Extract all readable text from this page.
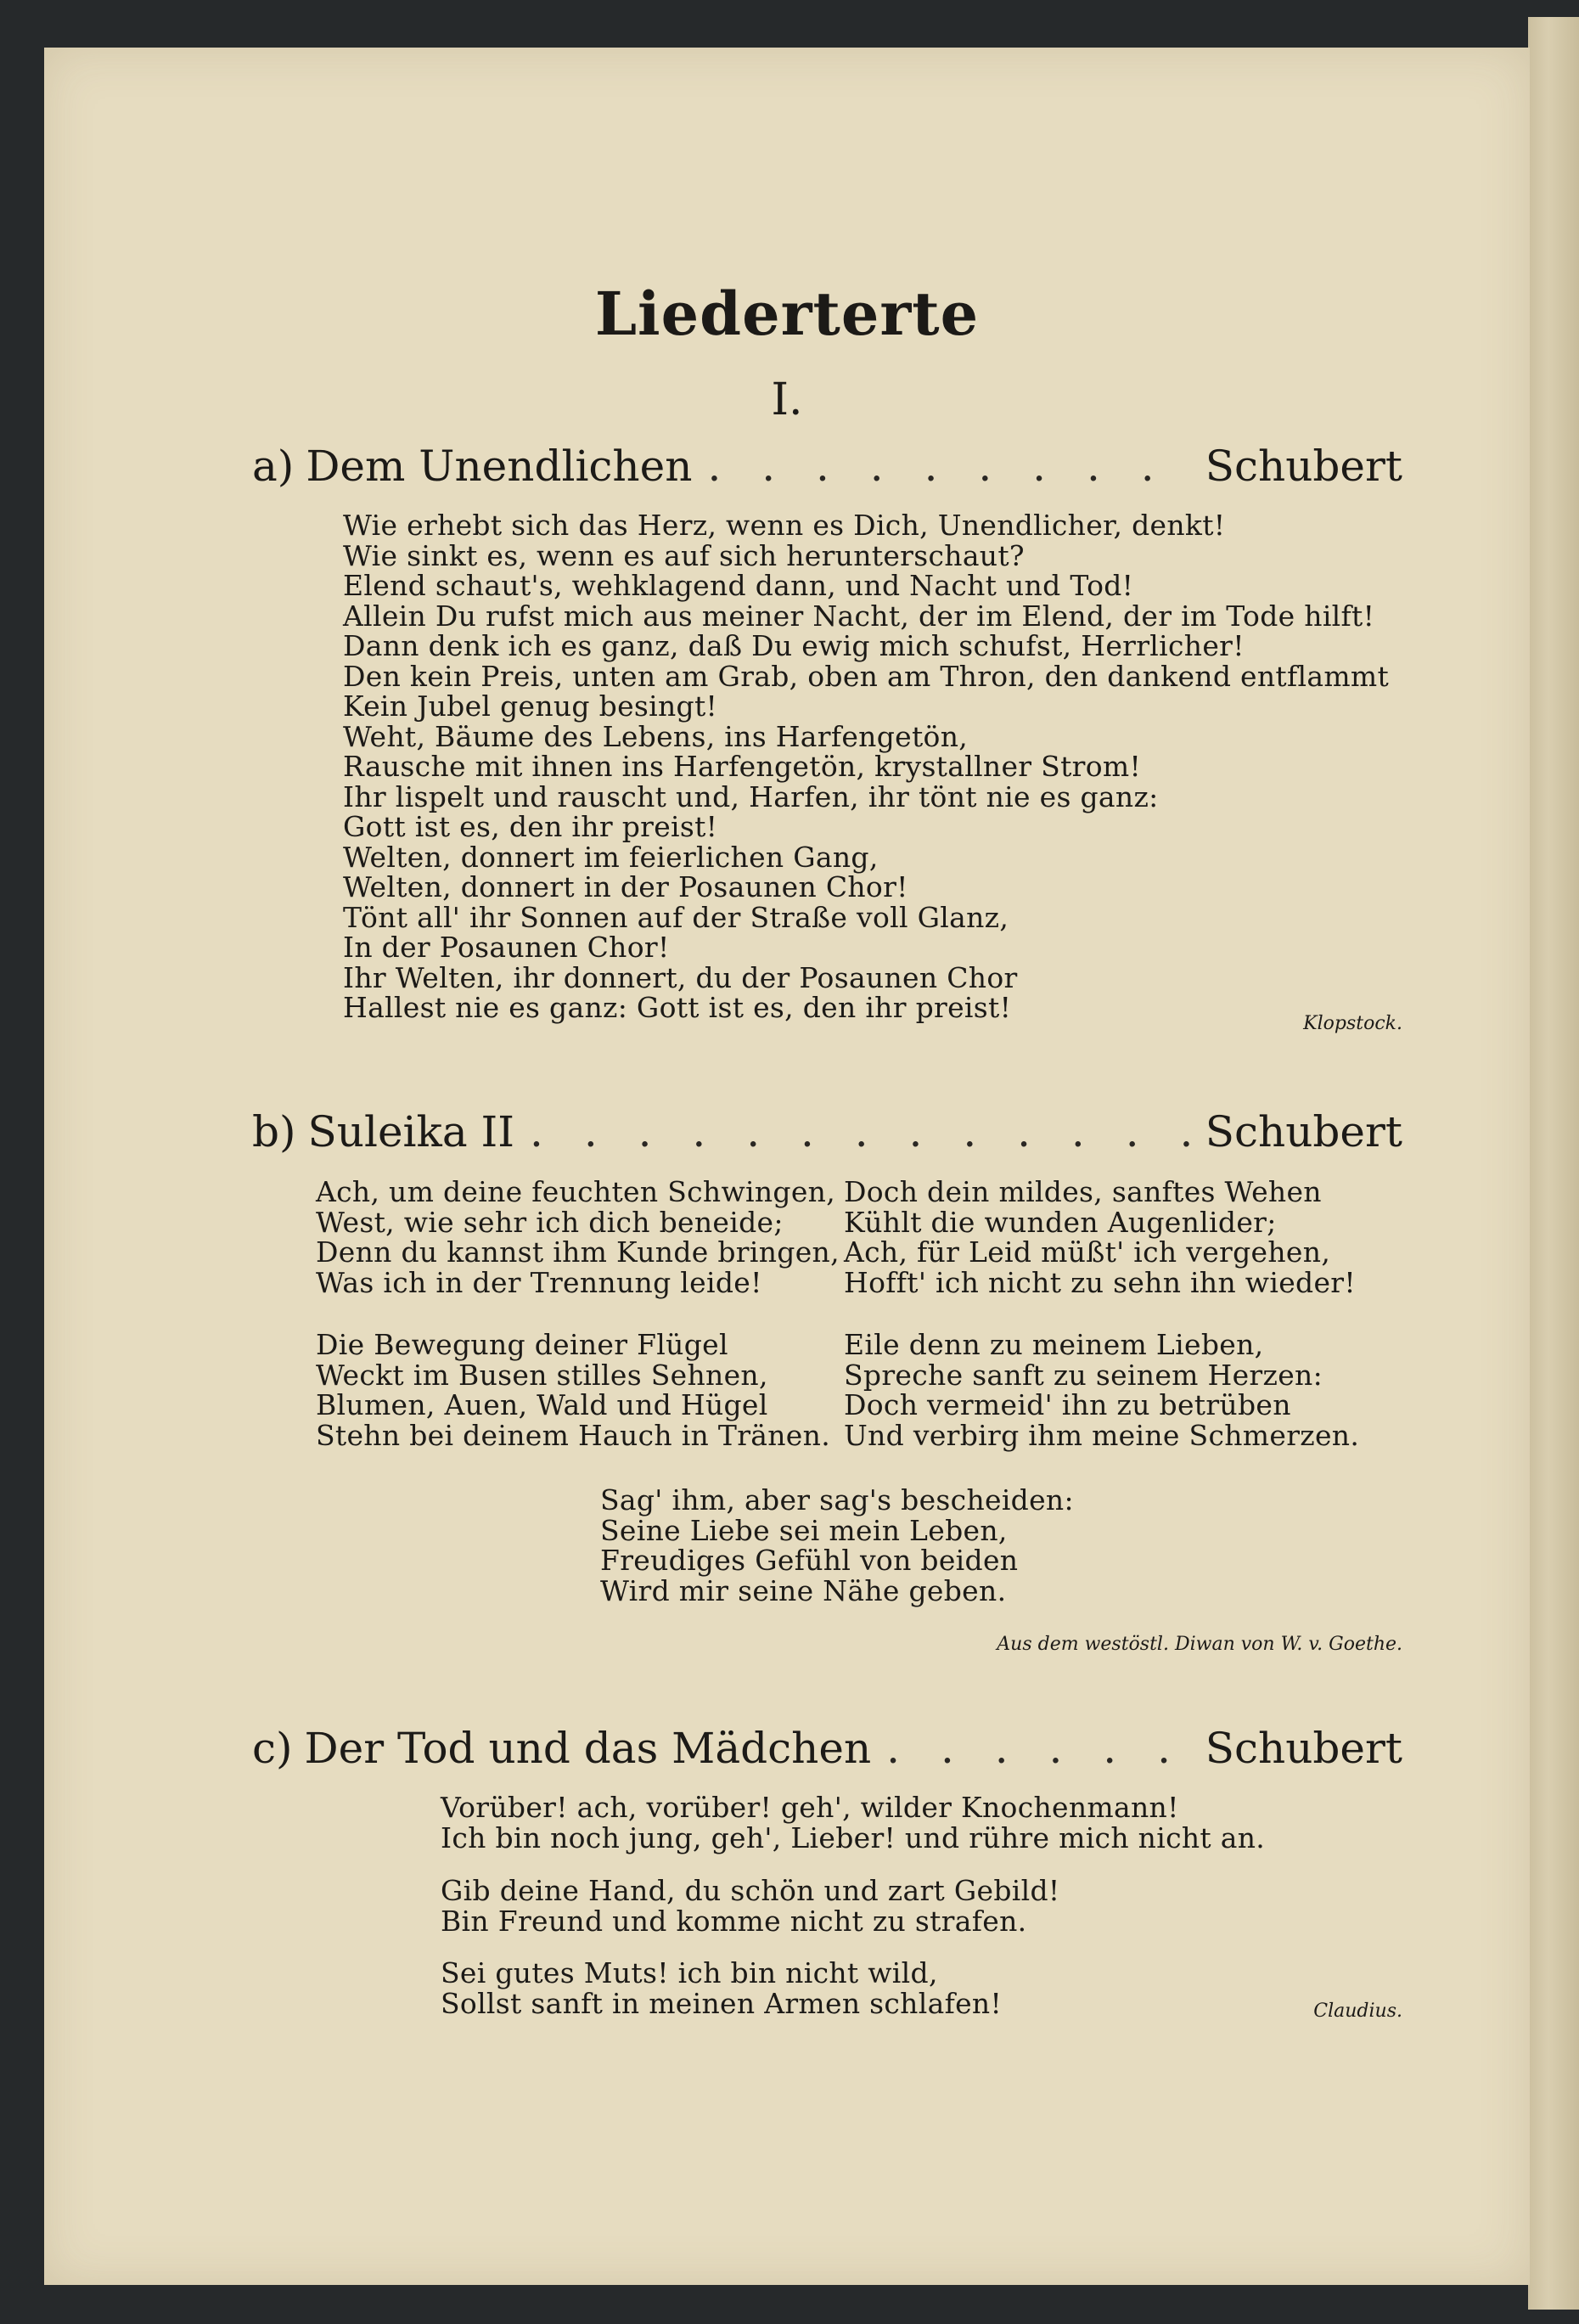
Liederterte
I.
a) Dem Unendlichen . . .	Schubert
Wie erhebt sich das Herz, wenn es Dich, Unendlicher, denkt!
Wie sinkt es, wenn es auf sich herunterschaut?
Elend schaut's, wehklagend dann, und Nacht und Tod!
Allein Du rufst mich aus meiner Nacht, der im Elend, der im Tode hilft!
Dann denk ich es ganz, daß Du ewig mich schufst, Herrlicher!
Den kein Preis, unten am Grab, oben am Thron, den dankend entflammt
Kein Jubel genug besingt!
Weht, Bäume des Lebens, ins Harfengetön,
Rausche mit ihnen ins Harfengetön, krystallner Strom!
Ihr lispelt und rauscht und, Harfen, ihr tönt nie es ganz:
Gott ist es, den ihr preist!
Welten, donnert im feierlichen Gang,
Welten, donnert in der Posaunen Chor!
Tönt all' ihr Sonnen auf der Straße voll Glanz,
In der Posaunen Chor!
Ihr Welten, ihr donnert, du der Posaunen Chor
Hallest nie es ganz: Gott ist es, den ihr preist!	Klopstock.
b) Suleika II . . .	Schubert
Ach, um deine feuchten Schwingen,
West, wie sehr ich dich beneide;
Denn du kannst ihm Kunde bringen,
Was ich in der Trennung leide!
Doch dein mildes, sanftes Wehen
Kühlt die wunden Augenlider;
Ach, für Leid müßt' ich vergehen,
Hofft' ich nicht zu sehn ihn wieder!
Die Bewegung deiner Flügel
Weckt im Busen stilles Sehnen,
Blumen, Auen, Wald und Hügel
Stehn bei deinem Hauch in Tränen.
Eile denn zu meinem Lieben,
Spreche sanft zu seinem Herzen:
Doch vermeid' ihn zu betrüben
Und verbirg ihm meine Schmerzen.
Sag' ihm, aber sag's bescheiden:
Seine Liebe sei mein Leben,
Freudiges Gefühl von beiden
Wird mir seine Nähe geben.
Aus dem westöstl. Diwan von W. v. Goethe.
c) Der Tod und das Mädchen . . .	Schubert
Vorüber! ach, vorüber! geh', wilder Knochenmann!
Ich bin noch jung, geh', Lieber! und rühre mich nicht an.
Gib deine Hand, du schön und zart Gebild!
Bin Freund und komme nicht zu strafen.
Sei gutes Muts! ich bin nicht wild,
Sollst sanft in meinen Armen schlafen!	Claudius.
